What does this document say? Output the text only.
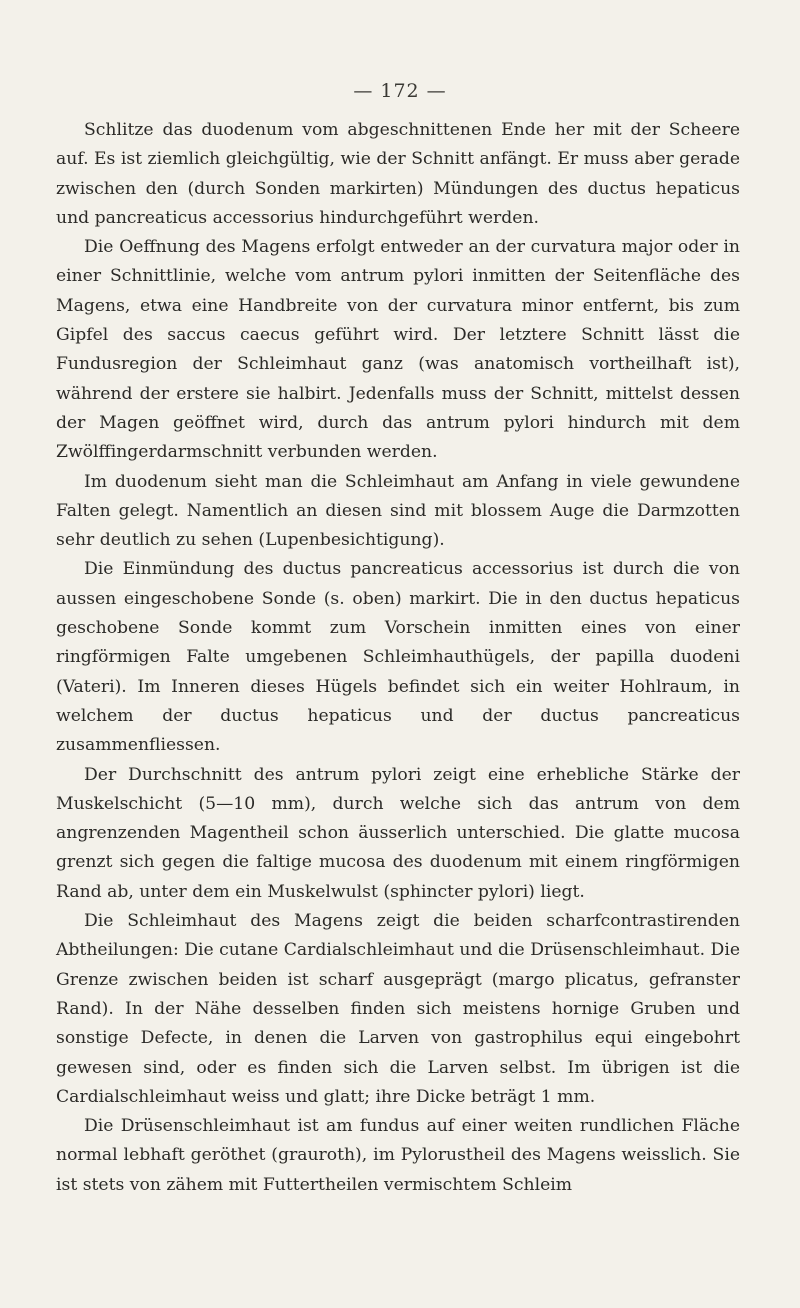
— 172 —

Schlitze das duodenum vom abgeschnittenen Ende her mit der Scheere auf. Es ist ziemlich gleichgültig, wie der Schnitt anfängt. Er muss aber gerade zwischen den (durch Sonden markirten) Mündungen des ductus hepaticus und pancreaticus accessorius hindurchgeführt werden.

Die Oeffnung des Magens erfolgt entweder an der curvatura major oder in einer Schnittlinie, welche vom antrum pylori inmitten der Seitenfläche des Magens, etwa eine Handbreite von der curvatura minor entfernt, bis zum Gipfel des saccus caecus geführt wird. Der letztere Schnitt lässt die Fundusregion der Schleimhaut ganz (was anatomisch vortheilhaft ist), während der erstere sie halbirt. Jedenfalls muss der Schnitt, mittelst dessen der Magen geöffnet wird, durch das antrum pylori hindurch mit dem Zwölffingerdarmschnitt verbunden werden.

Im duodenum sieht man die Schleimhaut am Anfang in viele gewundene Falten gelegt. Namentlich an diesen sind mit blossem Auge die Darmzotten sehr deutlich zu sehen (Lupenbesichtigung).

Die Einmündung des ductus pancreaticus accessorius ist durch die von aussen eingeschobene Sonde (s. oben) markirt. Die in den ductus hepaticus geschobene Sonde kommt zum Vorschein inmitten eines von einer ringförmigen Falte umgebenen Schleimhauthügels, der papilla duodeni (Vateri). Im Inneren dieses Hügels befindet sich ein weiter Hohlraum, in welchem der ductus hepaticus und der ductus pancreaticus zusammenfliessen.

Der Durchschnitt des antrum pylori zeigt eine erhebliche Stärke der Muskelschicht (5—10 mm), durch welche sich das antrum von dem angrenzenden Magentheil schon äusserlich unterschied. Die glatte mucosa grenzt sich gegen die faltige mucosa des duodenum mit einem ringförmigen Rand ab, unter dem ein Muskelwulst (sphincter pylori) liegt.

Die Schleimhaut des Magens zeigt die beiden scharfcontrastirenden Abtheilungen: Die cutane Cardialschleimhaut und die Drüsenschleimhaut. Die Grenze zwischen beiden ist scharf ausgeprägt (margo plicatus, gefranster Rand). In der Nähe desselben finden sich meistens hornige Gruben und sonstige Defecte, in denen die Larven von gastrophilus equi eingebohrt gewesen sind, oder es finden sich die Larven selbst. Im übrigen ist die Cardialschleimhaut weiss und glatt; ihre Dicke beträgt 1 mm.

Die Drüsenschleimhaut ist am fundus auf einer weiten rundlichen Fläche normal lebhaft geröthet (grauroth), im Pylorustheil des Magens weisslich. Sie ist stets von zähem mit Futtertheilen vermischtem Schleim
